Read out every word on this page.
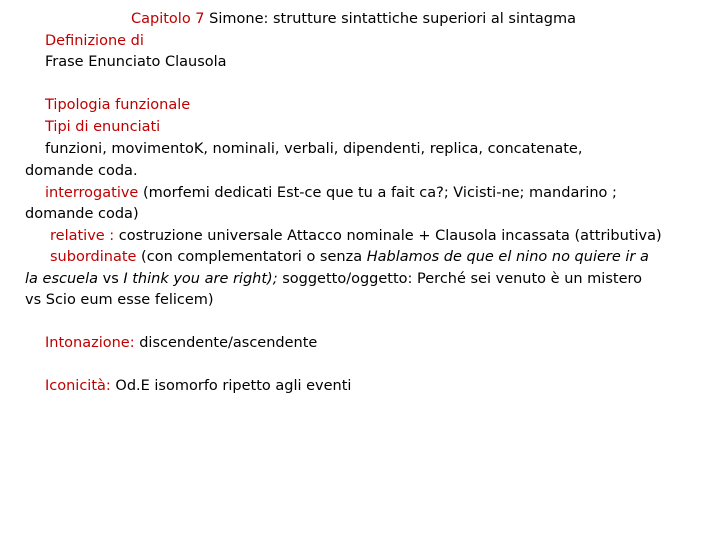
Capitolo 7 Simone: strutture sintattiche superiori al sintagma
Definizione di
Frase Enunciato Clausola
Tipologia funzionale
Tipi di enunciati
funzioni, movimentoK, nominali, verbali, dipendenti, replica, concatenate,
domande coda.
interrogative (morfemi dedicati Est-ce que tu a fait ca?; Vicisti-ne; mandarino ;
domande coda)
relative : costruzione universale Attacco nominale + Clausola incassata (attributiva)
subordinate (con complementatori o senza Hablamos de que el nino no quiere ir a
la escuela vs I think you are right); soggetto/oggetto: Perché sei venuto è un mistero
vs Scio eum esse felicem)
Intonazione: discendente/ascendente
Iconicità: Od.E isomorfo ripetto agli eventi
